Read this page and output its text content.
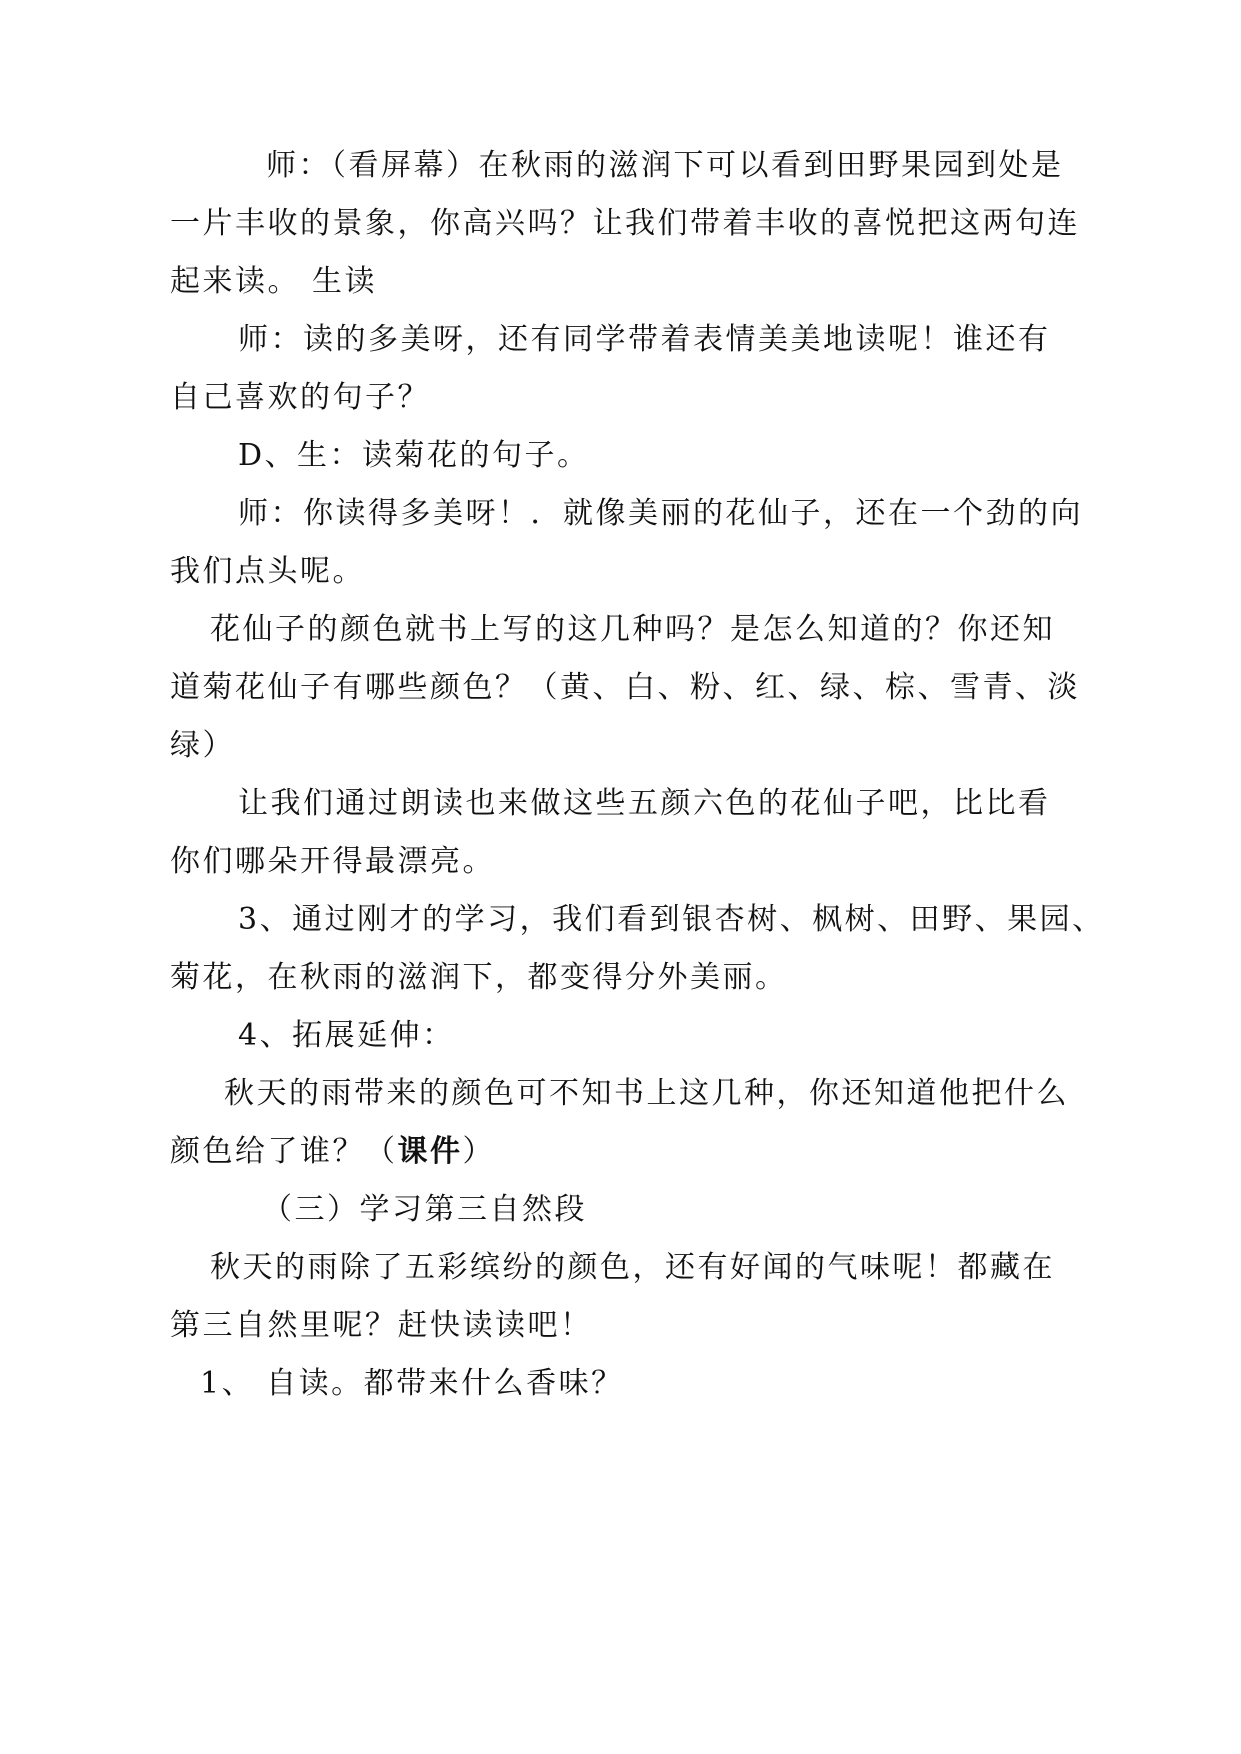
师：（看屏幕）在秋雨的滋润下可以看到田野果园到处是

一片丰收的景象，你高兴吗？让我们带着丰收的喜悦把这两句连

起来读。 生读

师：读的多美呀，还有同学带着表情美美地读呢！谁还有

自己喜欢的句子？

D、生：读菊花的句子。

师：你读得多美呀！．就像美丽的花仙子，还在一个劲的向

我们点头呢。

花仙子的颜色就书上写的这几种吗？是怎么知道的？你还知

道菊花仙子有哪些颜色？（黄、白、粉、红、绿、棕、雪青、淡

绿）

让我们通过朗读也来做这些五颜六色的花仙子吧，比比看

你们哪朵开得最漂亮。

3、通过刚才的学习，我们看到银杏树、枫树、田野、果园、

菊花，在秋雨的滋润下，都变得分外美丽。

4、拓展延伸：

秋天的雨带来的颜色可不知书上这几种，你还知道他把什么

颜色给了谁？（课件）

（三）学习第三自然段

秋天的雨除了五彩缤纷的颜色，还有好闻的气味呢！都藏在

第三自然里呢？赶快读读吧！

1、 自读。都带来什么香味？
